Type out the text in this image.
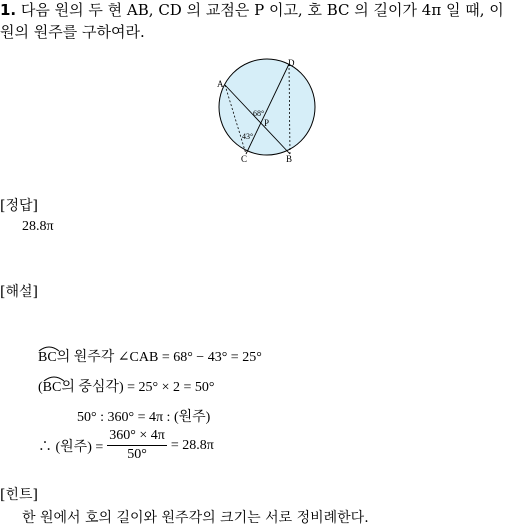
1. 다음 원의 두 현 AB, CD 의 교점은 P 이고, 호 BC 의 길이가 4π 일 때, 이
원의 원주를 구하여라.
A
D
C	B
P
68°
43°
[정답]
28.8π
[해설]
BC의 원주각 ∠CAB = 68° − 43° = 25°
(
BC의 중심각) = 25° × 2 = 50°
50° : 360° = 4π : (원주)
∴ (원주) = $\frac{360^\circ \times 4\pi}{50^\circ} = 28.8\pi$
[힌트]
한 원에서 호의 길이와 원주각의 크기는 서로 정비례한다.
